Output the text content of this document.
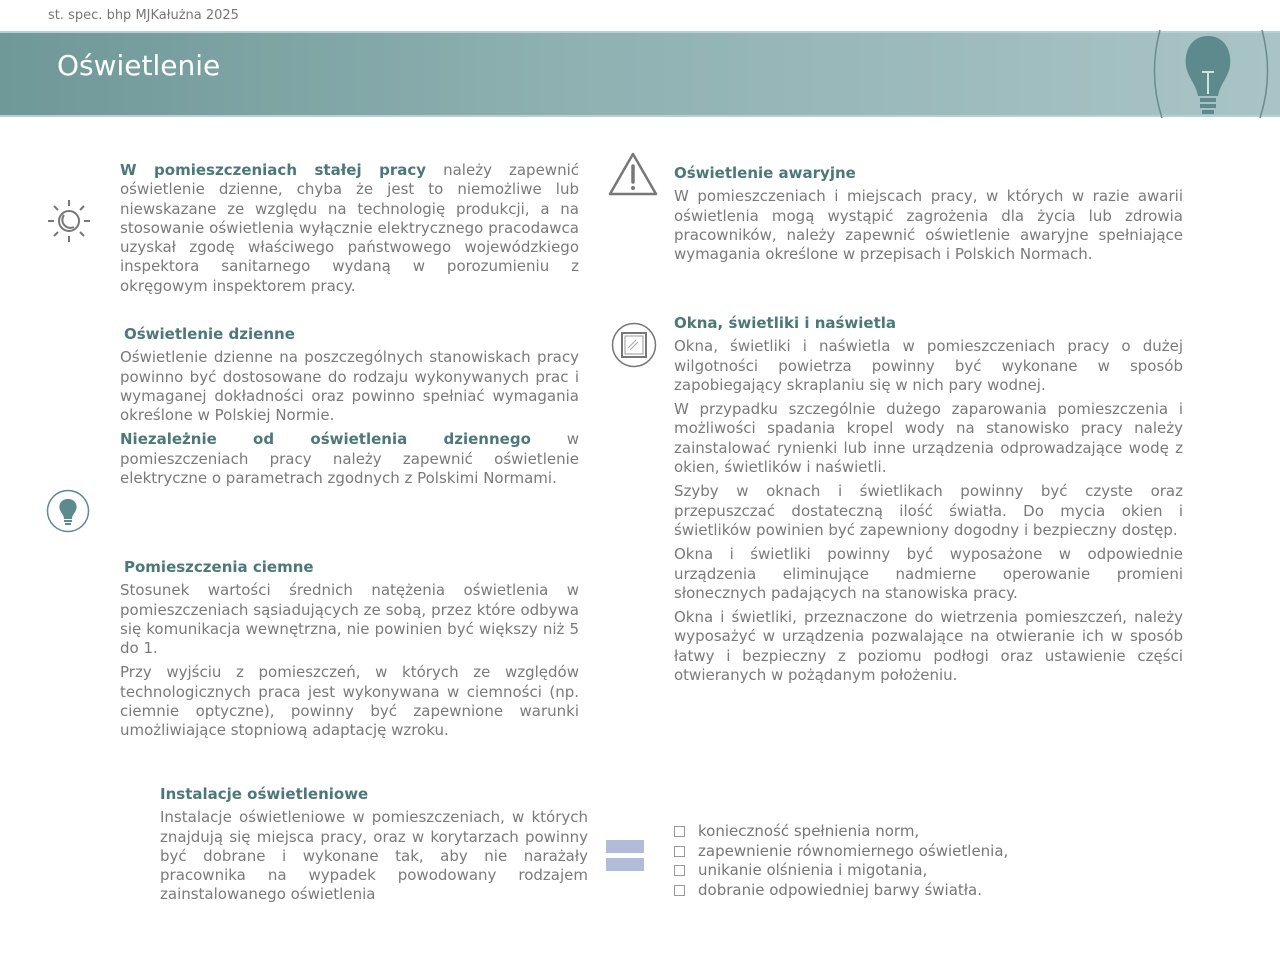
st. spec. bhp MJKałużna 2025
Oświetlenie

W pomieszczeniach stałej pracy należy zapewnić oświetlenie dzienne, chyba że jest to niemożliwe lub niewskazane ze względu na technologię produkcji, a na stosowanie oświetlenia wyłącznie elektrycznego pracodawca uzyskał zgodę właściwego państwowego wojewódzkiego inspektora sanitarnego wydaną w porozumieniu z okręgowym inspektorem pracy.

Oświetlenie dzienne

Oświetlenie dzienne na poszczególnych stanowiskach pracy powinno być dostosowane do rodzaju wykonywanych prac i wymaganej dokładności oraz powinno spełniać wymagania określone w Polskiej Normie.

Niezależnie od oświetlenia dziennego w pomieszczeniach pracy należy zapewnić oświetlenie elektryczne o parametrach zgodnych z Polskimi Normami.

Pomieszczenia ciemne

Stosunek wartości średnich natężenia oświetlenia w pomieszczeniach sąsiadujących ze sobą, przez które odbywa się komunikacja wewnętrzna, nie powinien być większy niż 5 do 1.

Przy wyjściu z pomieszczeń, w których ze względów technologicznych praca jest wykonywana w ciemności (np. ciemnie optyczne), powinny być zapewnione warunki umożliwiające stopniową adaptację wzroku.

Instalacje oświetleniowe

Instalacje oświetleniowe w pomieszczeniach, w których znajdują się miejsca pracy, oraz w korytarzach powinny być dobrane i wykonane tak, aby nie narażały pracownika na wypadek powodowany rodzajem zainstalowanego oświetlenia

Oświetlenie awaryjne

W pomieszczeniach i miejscach pracy, w których w razie awarii oświetlenia mogą wystąpić zagrożenia dla życia lub zdrowia pracowników, należy zapewnić oświetlenie awaryjne spełniające wymagania określone w przepisach i Polskich Normach.

Okna, świetliki i naświetla

Okna, świetliki i naświetla w pomieszczeniach pracy o dużej wilgotności powietrza powinny być wykonane w sposób zapobiegający skraplaniu się w nich pary wodnej.

W przypadku szczególnie dużego zaparowania pomieszczenia i możliwości spadania kropel wody na stanowisko pracy należy zainstalować rynienki lub inne urządzenia odprowadzające wodę z okien, świetlików i naświetli.

Szyby w oknach i świetlikach powinny być czyste oraz przepuszczać dostateczną ilość światła. Do mycia okien i świetlików powinien być zapewniony dogodny i bezpieczny dostęp.

Okna i świetliki powinny być wyposażone w odpowiednie urządzenia eliminujące nadmierne operowanie promieni słonecznych padających na stanowiska pracy.

Okna i świetliki, przeznaczone do wietrzenia pomieszczeń, należy wyposażyć w urządzenia pozwalające na otwieranie ich w sposób łatwy i bezpieczny z poziomu podłogi oraz ustawienie części otwieranych w pożądanym położeniu.

konieczność spełnienia norm,
zapewnienie równomiernego oświetlenia,
unikanie olśnienia i migotania,
dobranie odpowiedniej barwy światła.
